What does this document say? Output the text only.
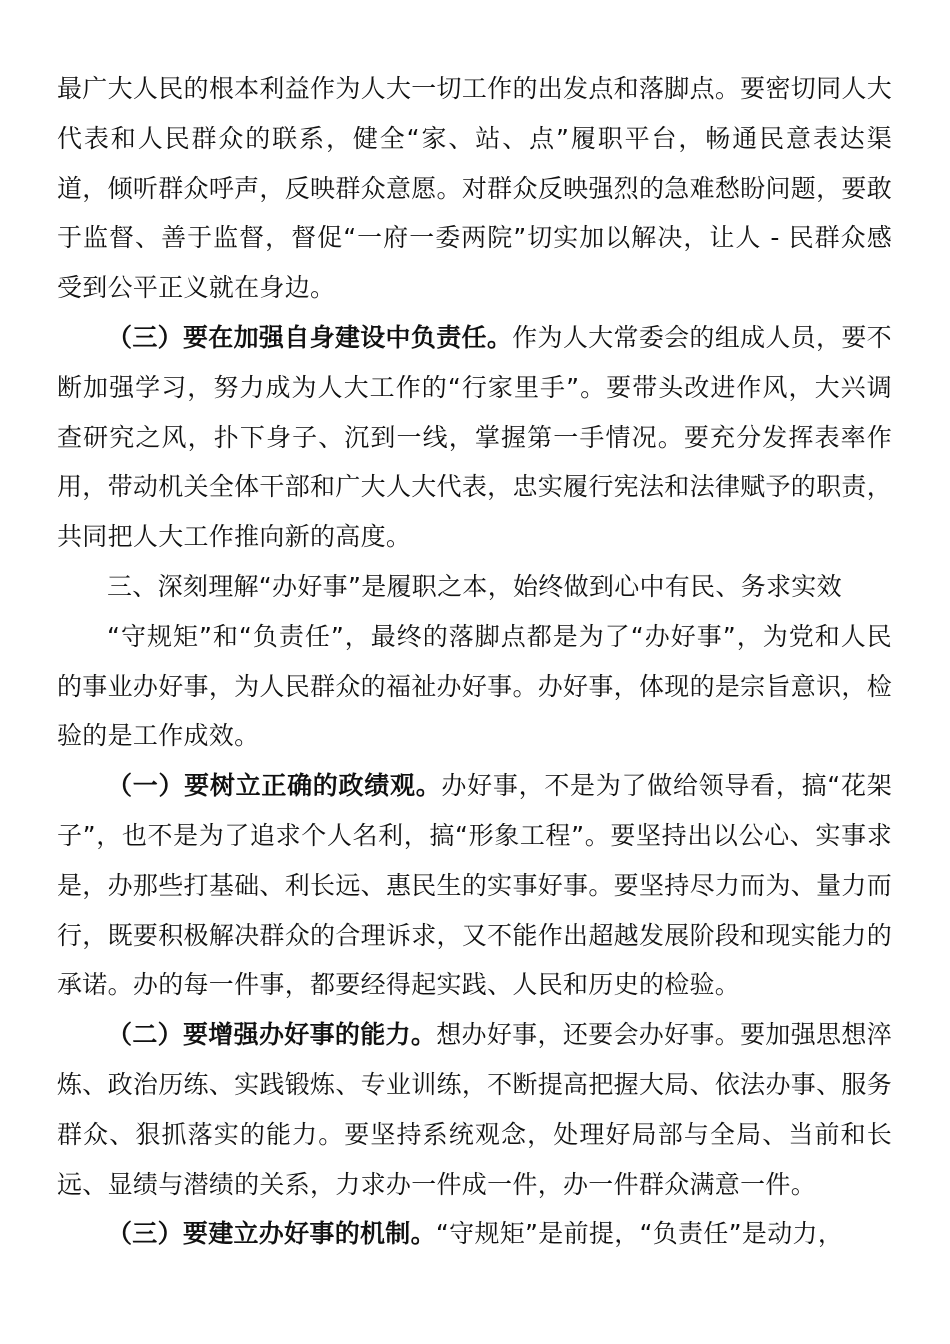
最广大人民的根本利益作为人大一切工作的出发点和落脚点。要密切同人大代表和人民群众的联系，健全“家、站、点”履职平台，畅通民意表达渠道，倾听群众呼声，反映群众意愿。对群众反映强烈的急难愁盼问题，要敢于监督、善于监督，督促“一府一委两院”切实加以解决，让人 - 民群众感受到公平正义就在身边。

（三）要在加强自身建设中负责任。作为人大常委会的组成人员，要不断加强学习，努力成为人大工作的“行家里手”。要带头改进作风，大兴调查研究之风，扑下身子、沉到一线，掌握第一手情况。要充分发挥表率作用，带动机关全体干部和广大人大代表，忠实履行宪法和法律赋予的职责，共同把人大工作推向新的高度。

三、深刻理解“办好事”是履职之本，始终做到心中有民、务求实效

“守规矩”和“负责任”，最终的落脚点都是为了“办好事”，为党和人民的事业办好事，为人民群众的福祉办好事。办好事，体现的是宗旨意识，检验的是工作成效。

（一）要树立正确的政绩观。办好事，不是为了做给领导看，搞“花架子”，也不是为了追求个人名利，搞“形象工程”。要坚持出以公心、实事求是，办那些打基础、利长远、惠民生的实事好事。要坚持尽力而为、量力而行，既要积极解决群众的合理诉求，又不能作出超越发展阶段和现实能力的承诺。办的每一件事，都要经得起实践、人民和历史的检验。

（二）要增强办好事的能力。想办好事，还要会办好事。要加强思想淬炼、政治历练、实践锻炼、专业训练，不断提高把握大局、依法办事、服务群众、狠抓落实的能力。要坚持系统观念，处理好局部与全局、当前和长远、显绩与潜绩的关系，力求办一件成一件，办一件群众满意一件。

（三）要建立办好事的机制。“守规矩”是前提，“负责任”是动力，
